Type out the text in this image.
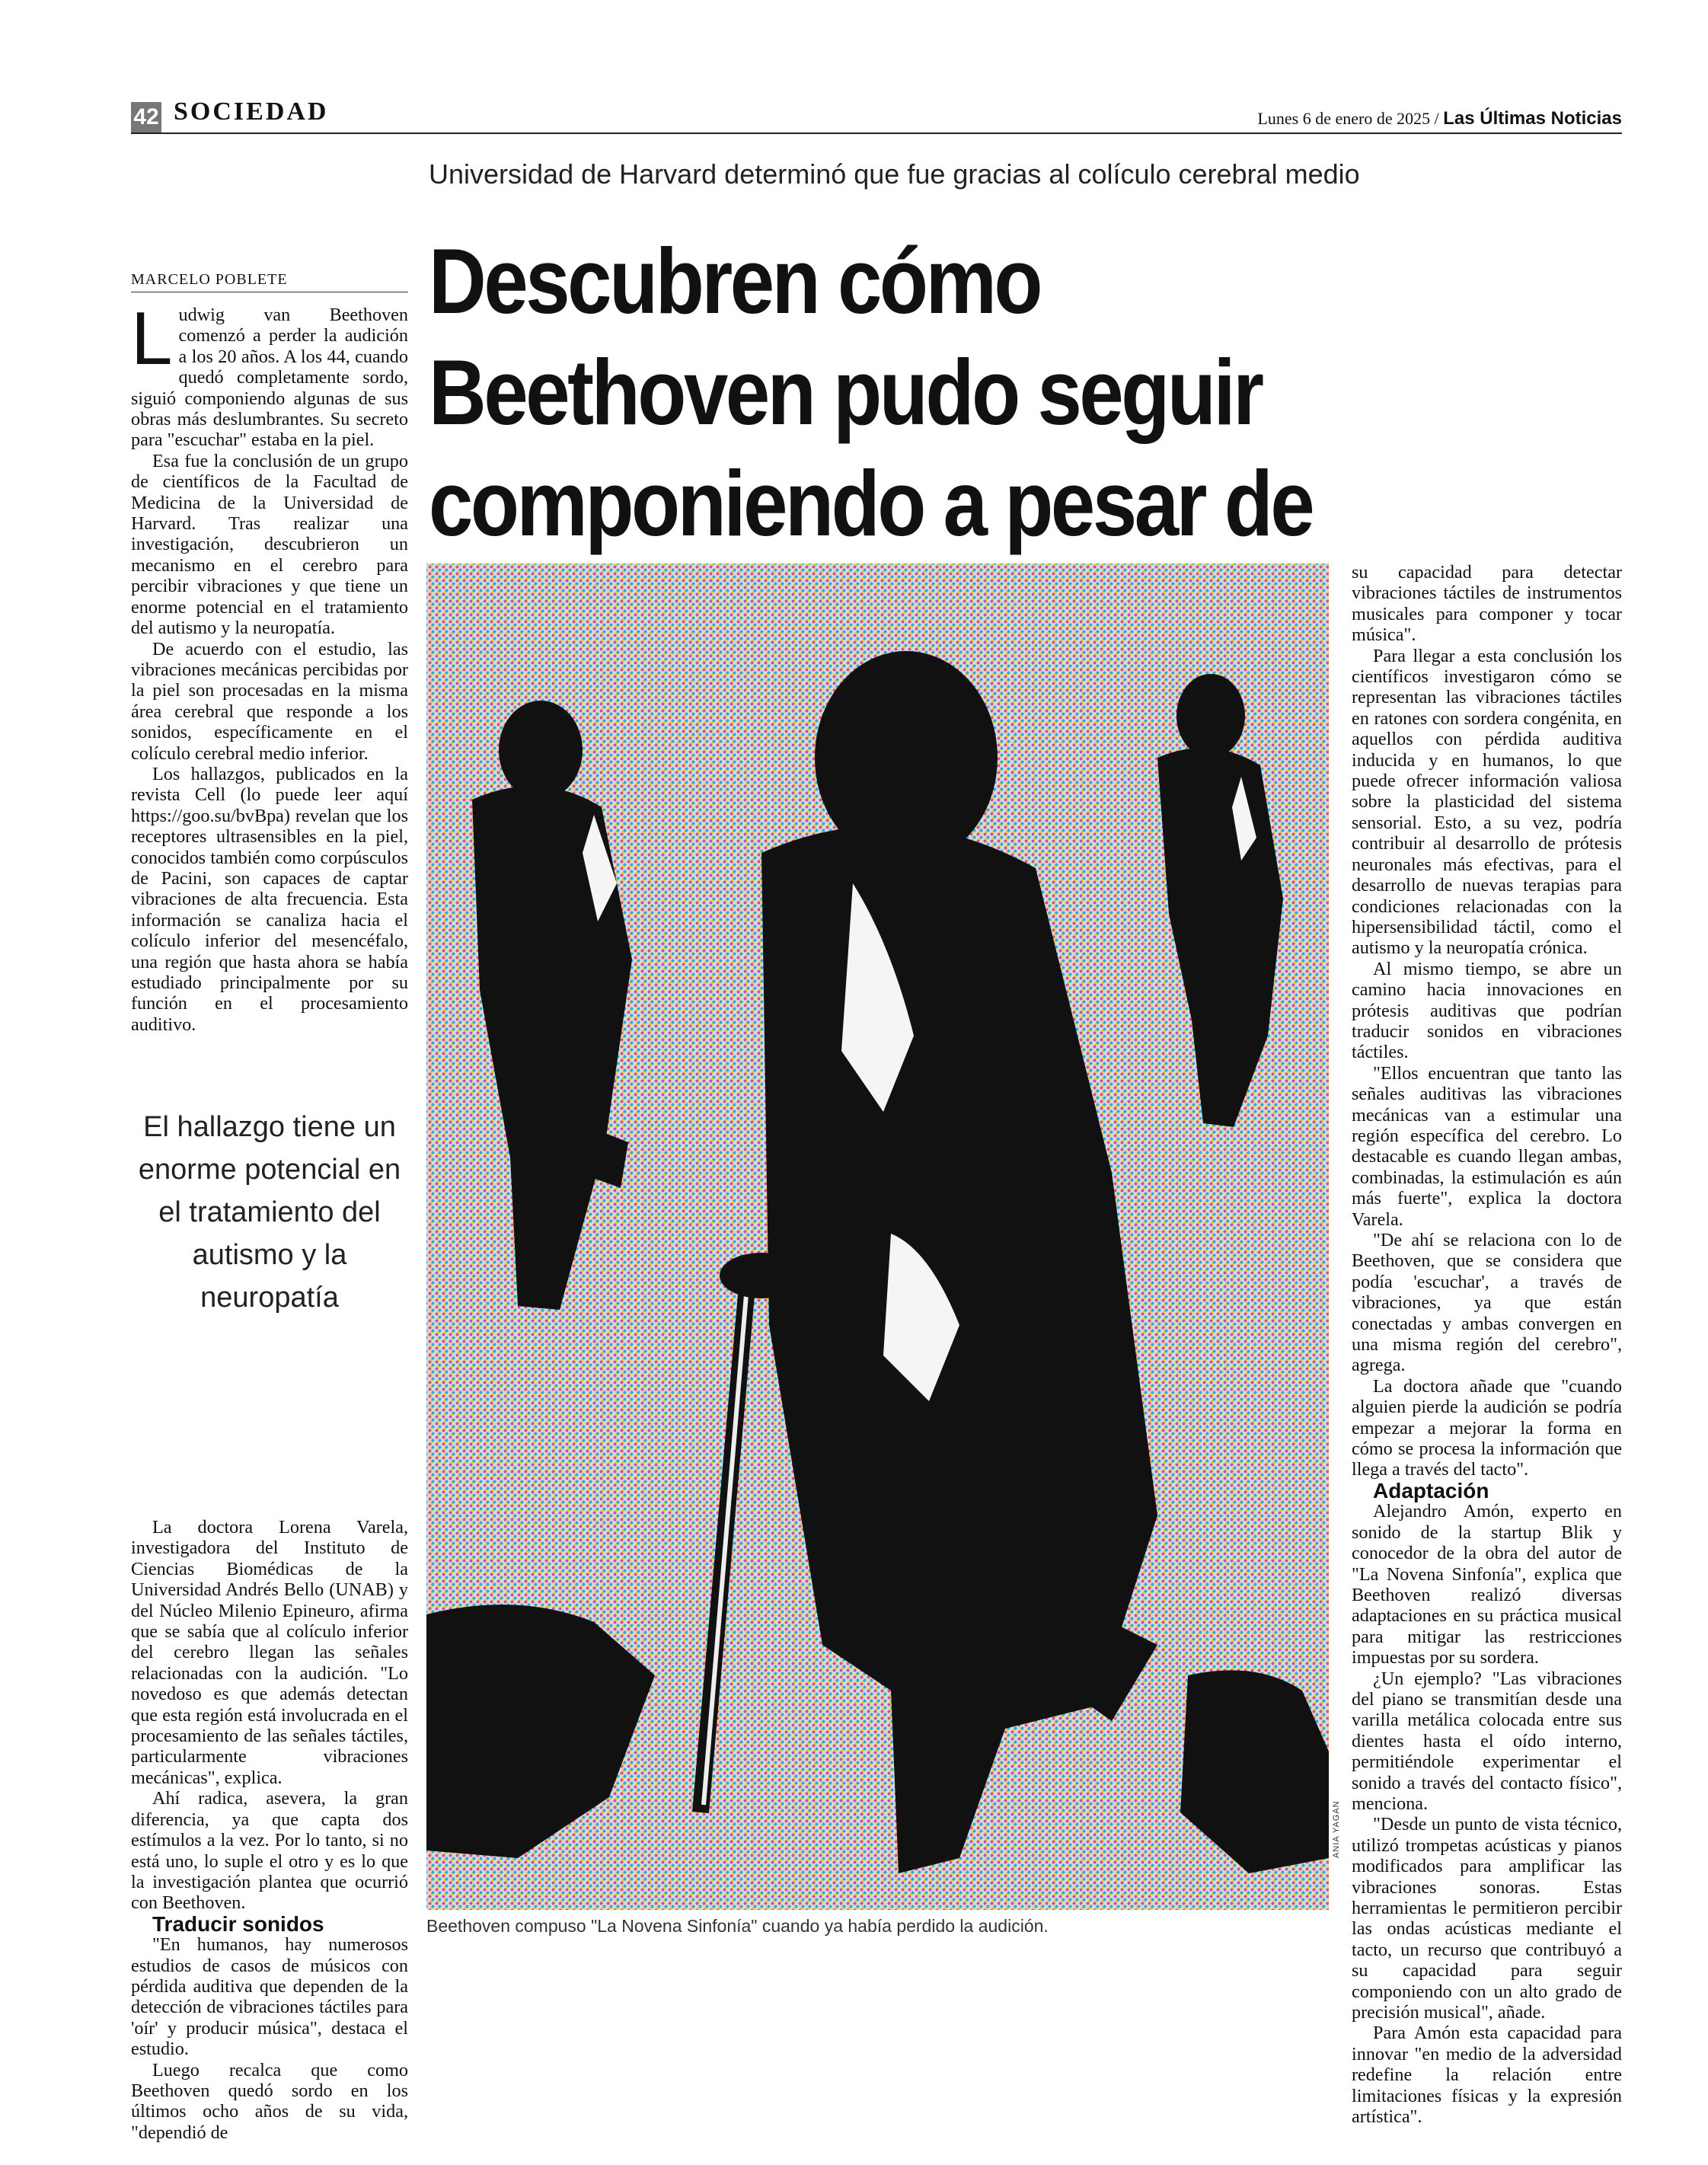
42 SOCIEDAD	Lunes 6 de enero de 2025 / Las Últimas Noticias
Universidad de Harvard determinó que fue gracias al colículo cerebral medio
Descubren cómo Beethoven pudo seguir componiendo a pesar de
MARCELO POBLETE

Ludwig van Beethoven comenzó a perder la audición a los 20 años. A los 44, cuando quedó completamente sordo, siguió componiendo algunas de sus obras más deslumbrantes. Su secreto para "escuchar" estaba en la piel.

Esa fue la conclusión de un grupo de científicos de la Facultad de Medicina de la Universidad de Harvard. Tras realizar una investigación, descubrieron un mecanismo en el cerebro para percibir vibraciones y que tiene un enorme potencial en el tratamiento del autismo y la neuropatía.

De acuerdo con el estudio, las vibraciones mecánicas percibidas por la piel son procesadas en la misma área cerebral que responde a los sonidos, específicamente en el colículo cerebral medio inferior.

Los hallazgos, publicados en la revista Cell (lo puede leer aquí https://goo.su/bvBpa) revelan que los receptores ultrasensibles en la piel, conocidos también como corpúsculos de Pacini, son capaces de captar vibraciones de alta frecuencia. Esta información se canaliza hacia el colículo inferior del mesencéfalo, una región que hasta ahora se había estudiado principalmente por su función en el procesamiento auditivo.

El hallazgo tiene un enorme potencial en el tratamiento del autismo y la neuropatía

La doctora Lorena Varela, investigadora del Instituto de Ciencias Biomédicas de la Universidad Andrés Bello (UNAB) y del Núcleo Milenio Epineuro, afirma que se sabía que al colículo inferior del cerebro llegan las señales relacionadas con la audición. "Lo novedoso es que además detectan que esta región está involucrada en el procesamiento de las señales táctiles, particularmente vibraciones mecánicas", explica.

Ahí radica, asevera, la gran diferencia, ya que capta dos estímulos a la vez. Por lo tanto, si no está uno, lo suple el otro y es lo que la investigación plantea que ocurrió con Beethoven.

Traducir sonidos

"En humanos, hay numerosos estudios de casos de músicos con pérdida auditiva que dependen de la detección de vibraciones táctiles para 'oír' y producir música", destaca el estudio.

Luego recalca que como Beethoven quedó sordo en los últimos ocho años de su vida, "dependió de

ANIA YAGAN
Beethoven compuso "La Novena Sinfonía" cuando ya había perdido la audición.

su capacidad para detectar vibraciones táctiles de instrumentos musicales para componer y tocar música".

Para llegar a esta conclusión los científicos investigaron cómo se representan las vibraciones táctiles en ratones con sordera congénita, en aquellos con pérdida auditiva inducida y en humanos, lo que puede ofrecer información valiosa sobre la plasticidad del sistema sensorial. Esto, a su vez, podría contribuir al desarrollo de prótesis neuronales más efectivas, para el desarrollo de nuevas terapias para condiciones relacionadas con la hipersensibilidad táctil, como el autismo y la neuropatía crónica.

Al mismo tiempo, se abre un camino hacia innovaciones en prótesis auditivas que podrían traducir sonidos en vibraciones táctiles.

"Ellos encuentran que tanto las señales auditivas las vibraciones mecánicas van a estimular una región específica del cerebro. Lo destacable es cuando llegan ambas, combinadas, la estimulación es aún más fuerte", explica la doctora Varela.

"De ahí se relaciona con lo de Beethoven, que se considera que podía 'escuchar', a través de vibraciones, ya que están conectadas y ambas convergen en una misma región del cerebro", agrega.

La doctora añade que "cuando alguien pierde la audición se podría empezar a mejorar la forma en cómo se procesa la información que llega a través del tacto".

Adaptación

Alejandro Amón, experto en sonido de la startup Blik y conocedor de la obra del autor de "La Novena Sinfonía", explica que Beethoven realizó diversas adaptaciones en su práctica musical para mitigar las restricciones impuestas por su sordera.

¿Un ejemplo? "Las vibraciones del piano se transmitían desde una varilla metálica colocada entre sus dientes hasta el oído interno, permitiéndole experimentar el sonido a través del contacto físico", menciona.

"Desde un punto de vista técnico, utilizó trompetas acústicas y pianos modificados para amplificar las vibraciones sonoras. Estas herramientas le permitieron percibir las ondas acústicas mediante el tacto, un recurso que contribuyó a su capacidad para seguir componiendo con un alto grado de precisión musical", añade.

Para Amón esta capacidad para innovar "en medio de la adversidad redefine la relación entre limitaciones físicas y la expresión artística".
